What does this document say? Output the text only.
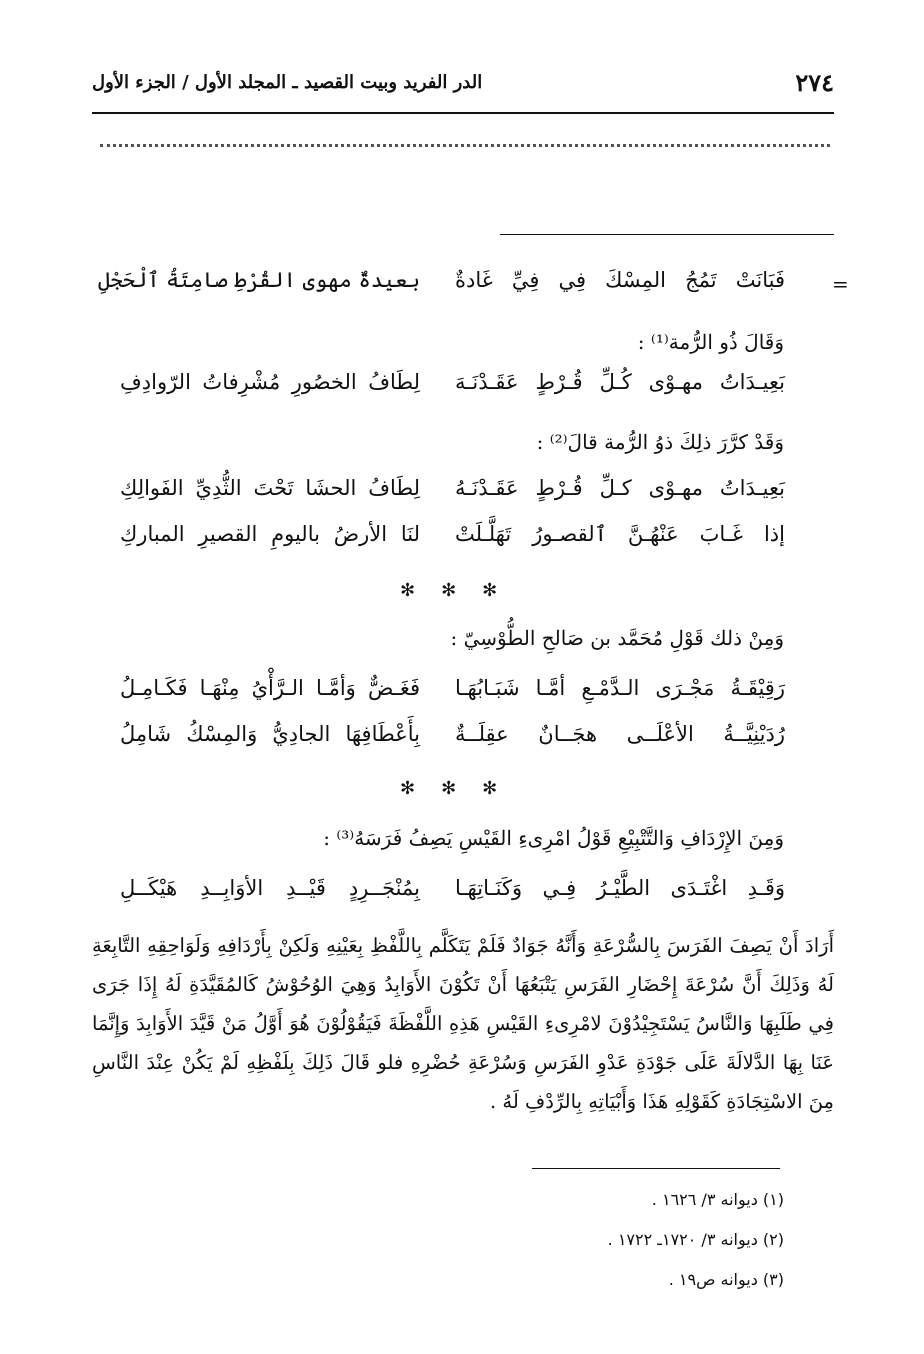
٢٧٤
الدر الفريد وبيت القصيد ـ المجلد الأول / الجزء الأول
=
فَبَانَتْ تَمُجُ المِسْكَ فِي فِيِّ غَادةٌ
بعيدةٌ مهوى القُرْطِ صامِتَةُ ٱلْحَجْلِ
وَقَالَ ذُو الرُّمة⁽¹⁾ :
بَعِيـدَاتُ مهـوْى كُـلِّ قُـرْطٍ عَقَـدْنَـهَ
لِطَافُ الخصُورِ مُشْرِفاتُ الرّوادِفِ
وَقَدْ كرَّرَ ذلِكَ ذوُ الرُّمة قالَ⁽²⁾ :
بَعِيـدَاتُ مهـوْى كـلِّ قُـرْطٍ عَقَـدْنَـهُ
لِطَافُ الحشَا تَحْتَ الثُّدِيِّ الفَوالِكِ
إذا غَـابَ عَنْهُـنَّ ٱلقصـورُ تَهَلَّـلَتْ
لنَا الأرضُ باليومِ القصيرِ المباركِ
✻✻✻
وَمِنْ ذلك قَوْلِ مُحَمَّد بن صَالحِ الطُّوْسِيّ :
رَقِيْقَـةُ مَجْـرَى الـدَّمْـعِ أمَّـا شَبَـابُهَـا
فَغَـضٌّ وَأمَّـا الـرَّأْيُ مِنْهَـا فَكَـامِـلُ
رُدَيْنِيَّــةُ الأعْلَــى هجَــانٌ عقِلَــةٌ
بِأَعْطَافِهَا الجادِيُّ وَالمِسْكُ شَامِلُ
✻✻✻
وَمِنَ الإِرْدَافِ وَالتَّتْبِيْعِ قَوْلُ امْرِىءِ القَيْسِ يَصِفُ فَرَسَهُ⁽³⁾ :
وَقَـدِ اغْتَـدَى الطَّيْـرُ فِـي وَكَنَـاتِهَـا
بِمُنْجَــرِدٍ قَيْــدِ الأوَابِــدِ هَيْكَــلِ

أَرَادَ أَنْ يَصِفَ الفَرَسَ بِالسُّرْعَةِ وَأَنَّهُ جَوَادٌ فَلَمْ يَتَكَلَّم بِاللَّفْظِ بِعَيْنِهِ وَلَكِنْ بِأَرْدَافِهِ وَلَوَاحِقِهِ التَّابِعَةِ لَهُ وَذَلِكَ أَنَّ سُرْعَةَ إِحْضَارِ الفَرَسِ يَتْبَعُهَا أَنْ تَكُوْنَ الأَوَابِدُ وَهِيَ الوُحُوْشُ كَالمُقَيَّدَةِ لَهُ إِذَا جَرَى فِي طَلَبِهَا وَالنَّاسُ يَسْتَجِيْدُوْنَ لامْرِىءِ القَيْسِ هَذِهِ اللَّفْظَةَ فَيَقُوْلُوْنَ هُوَ أَوَّلُ مَنْ قَيَّدَ الأَوَابِدَ وَإِنَّمَا عَنَا بِهَا الدَّلالَةَ عَلَى جَوْدَةِ عَدْوِ الفَرَسِ وَسُرْعَةِ حُضْرِهِ فلو قَالَ ذَلِكَ بِلَفْظِهِ لَمْ يَكُنْ عِنْدَ النَّاسِ مِنَ الاسْتِجَادَةِ كَقَوْلِهِ هَذَا وَأَبْيَاتِهِ بِالرِّدْفِ لَهُ .

(١) ديوانه ٣/ ١٦٢٦ .
(٢) ديوانه ٣/ ١٧٢٠ـ ١٧٢٢ .
(٣) ديوانه ص١٩ .
